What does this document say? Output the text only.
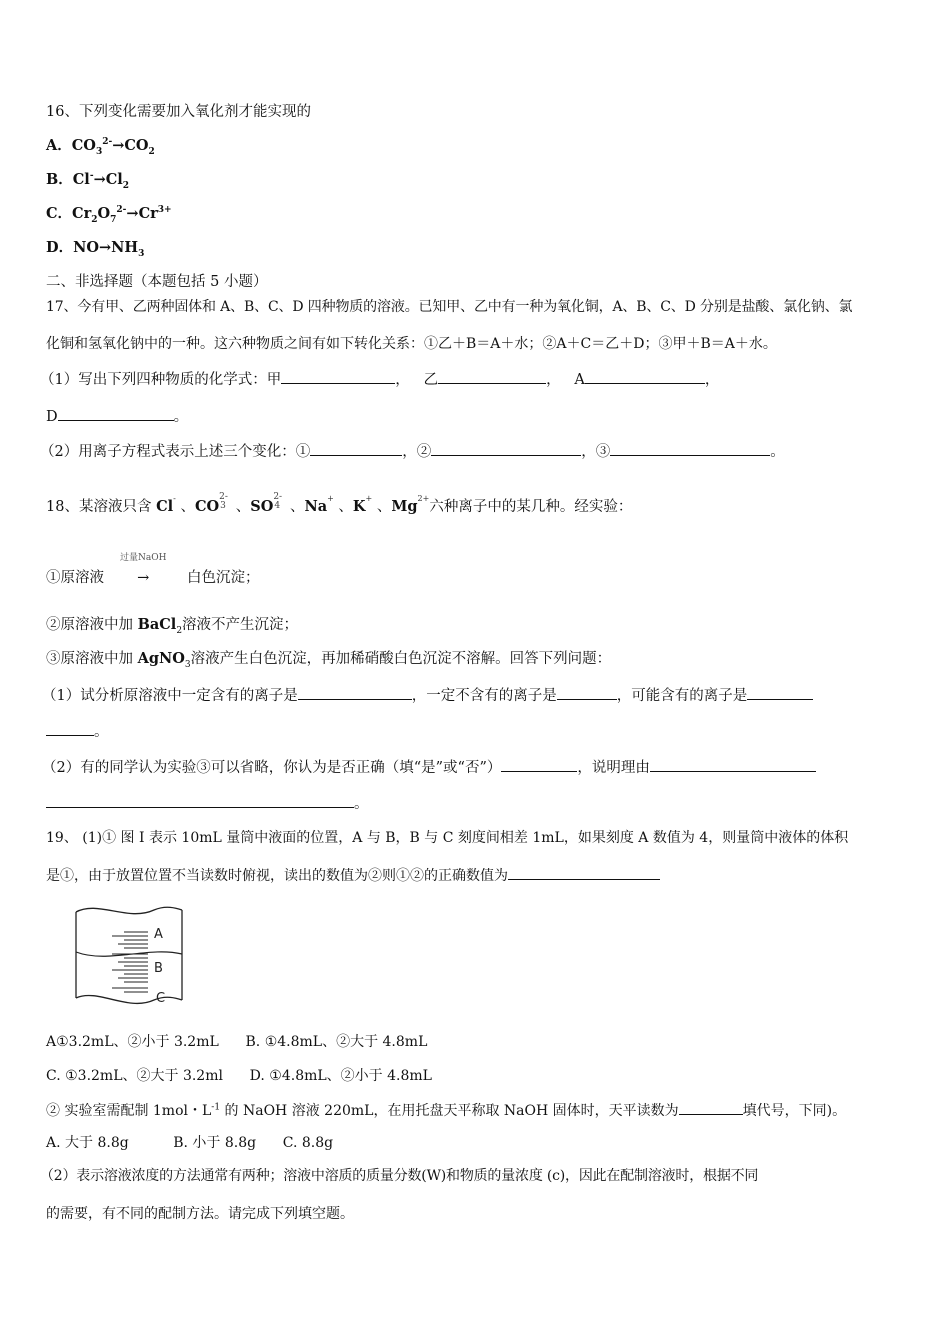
16、下列变化需要加入氧化剂才能实现的
A．$CO_3^{2-}\to CO_2$
B．$Cl^-\to Cl_2$
C．$Cr_2O_7^{2-}\to Cr^{3+}$
D．$NO\to NH_3$
二、非选择题（本题包括 5 小题）
17、今有甲、乙两种固体和 A、B、C、D 四种物质的溶液。已知甲、乙中有一种为氧化铜，A、B、C、D 分别是盐酸、氯化钠、氯
化铜和氢氧化钠中的一种。这六种物质之间有如下转化关系：①乙＋B＝A＋水；②A＋C＝乙＋D；③甲＋B＝A＋水。
（1）写出下列四种物质的化学式：甲	， 乙	， A	，
D	。
（2）用离子方程式表示上述三个变化：①	，②	，③	。
18、某溶液只含 Cl- 、CO
2-
3 、SO
2-
4 、Na+ 、K+ 、$Mg^{2+}$六种离子中的某几种。经实验：
①原溶液
过量NaOH
→	白色沉淀；
②原溶液中加 BaCl$_2$溶液不产生沉淀；
③原溶液中加 AgNO$_3$溶液产生白色沉淀，再加稀硝酸白色沉淀不溶解。回答下列问题：
（1）试分析原溶液中一定含有的离子是	，一定不含有的离子是	，可能含有的离子是
。
（2）有的同学认为实验③可以省略，你认为是否正确（填“是”或“否”）	，说明理由
。
19、 (1)① 图 I 表示 10mL 量筒中液面的位置，A 与 B，B 与 C 刻度间相差 1mL，如果刻度 A 数值为 4，则量筒中液体的体积
是①，由于放置位置不当读数时俯视，读出的数值为②则①②的正确数值为
A
B
C
A①3.2mL、②小于 3.2mL B. ①4.8mL、②大于 4.8mL
C. ①3.2mL、②大于 3.2ml D. ①4.8mL、②小于 4.8mL
② 实验室需配制 1mol・$L^{-1}$ 的 NaOH 溶液 220mL，在用托盘天平称取 NaOH 固体时，天平读数为	填代号，下同)。
A. 大于 8.8g	B. 小于 8.8g C. 8.8g
（2）表示溶液浓度的方法通常有两种；溶液中溶质的质量分数(W)和物质的量浓度 (c)，因此在配制溶液时，根据不同
的需要，有不同的配制方法。请完成下列填空题。
